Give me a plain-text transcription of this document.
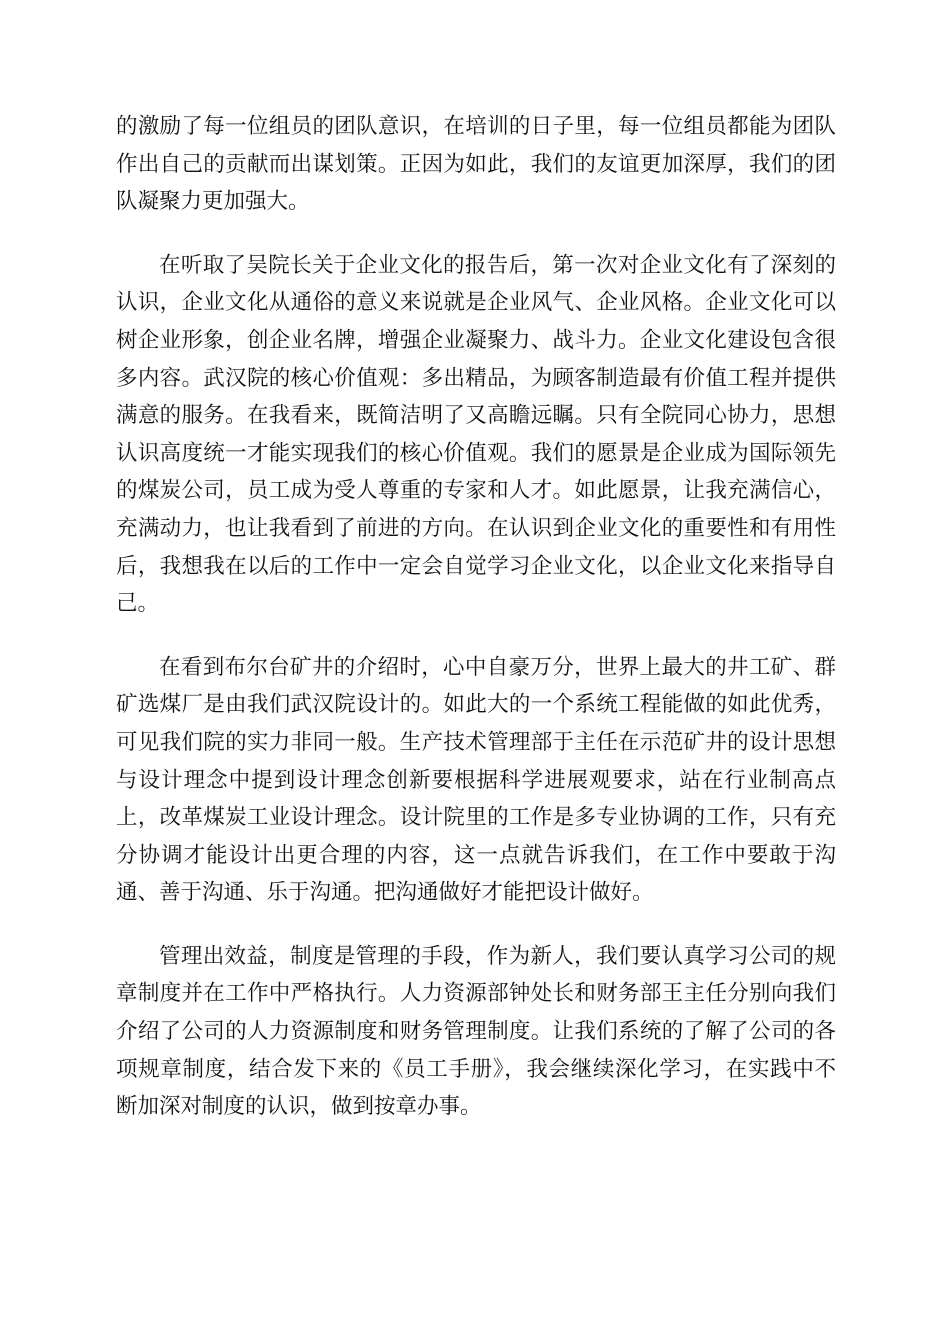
的激励了每一位组员的团队意识，在培训的日子里，每一位组员都能为团队作出自己的贡献而出谋划策。正因为如此，我们的友谊更加深厚，我们的团队凝聚力更加强大。

在听取了吴院长关于企业文化的报告后，第一次对企业文化有了深刻的认识，企业文化从通俗的意义来说就是企业风气、企业风格。企业文化可以树企业形象，创企业名牌，增强企业凝聚力、战斗力。企业文化建设包含很多内容。武汉院的核心价值观：多出精品，为顾客制造最有价值工程并提供满意的服务。在我看来，既简洁明了又高瞻远瞩。只有全院同心协力，思想认识高度统一才能实现我们的核心价值观。我们的愿景是企业成为国际领先的煤炭公司，员工成为受人尊重的专家和人才。如此愿景，让我充满信心，充满动力，也让我看到了前进的方向。在认识到企业文化的重要性和有用性后，我想我在以后的工作中一定会自觉学习企业文化，以企业文化来指导自己。

在看到布尔台矿井的介绍时，心中自豪万分，世界上最大的井工矿、群矿选煤厂是由我们武汉院设计的。如此大的一个系统工程能做的如此优秀，可见我们院的实力非同一般。生产技术管理部于主任在示范矿井的设计思想与设计理念中提到设计理念创新要根据科学进展观要求，站在行业制高点上，改革煤炭工业设计理念。设计院里的工作是多专业协调的工作，只有充分协调才能设计出更合理的内容，这一点就告诉我们，在工作中要敢于沟通、善于沟通、乐于沟通。把沟通做好才能把设计做好。

管理出效益，制度是管理的手段，作为新人，我们要认真学习公司的规章制度并在工作中严格执行。人力资源部钟处长和财务部王主任分别向我们介绍了公司的人力资源制度和财务管理制度。让我们系统的了解了公司的各项规章制度，结合发下来的《员工手册》，我会继续深化学习，在实践中不断加深对制度的认识，做到按章办事。
